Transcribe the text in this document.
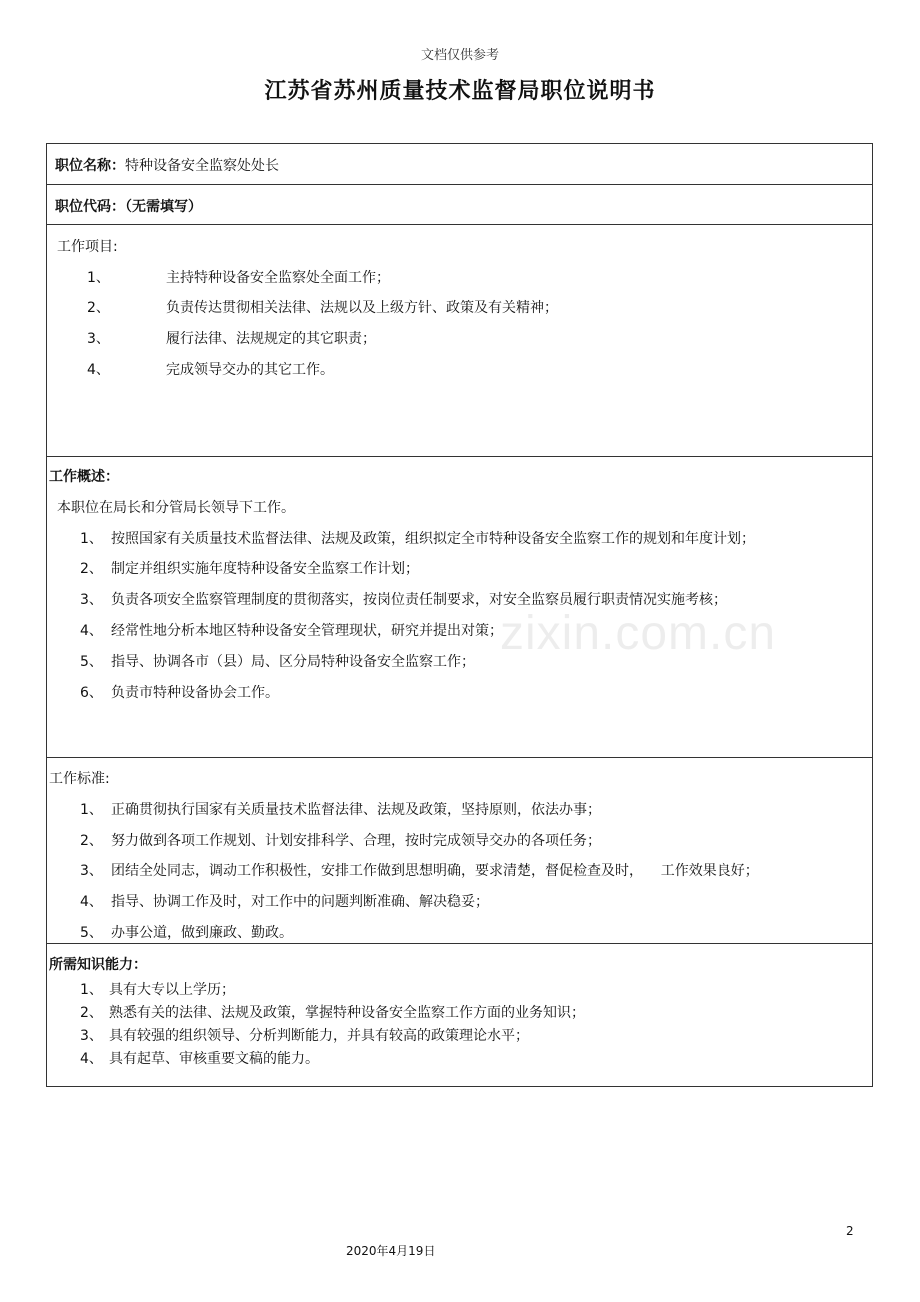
文档仅供参考
江苏省苏州质量技术监督局职位说明书
职位名称：特种设备安全监察处处长
职位代码：（无需填写）
工作项目:
1、	主持特种设备安全监察处全面工作；
2、	负责传达贯彻相关法律、法规以及上级方针、政策及有关精神；
3、	履行法律、法规规定的其它职责；
4、	完成领导交办的其它工作。
工作概述：
本职位在局长和分管局长领导下工作。
1、 按照国家有关质量技术监督法律、法规及政策，组织拟定全市特种设备安全监察工作的规划和年度计划；
2、 制定并组织实施年度特种设备安全监察工作计划；
3、 负责各项安全监察管理制度的贯彻落实，按岗位责任制要求，对安全监察员履行职责情况实施考核；
4、 经常性地分析本地区特种设备安全管理现状，研究并提出对策；
5、 指导、协调各市（县）局、区分局特种设备安全监察工作；
6、 负责市特种设备协会工作。
工作标准:
1、 正确贯彻执行国家有关质量技术监督法律、法规及政策，坚持原则，依法办事；
2、 努力做到各项工作规划、计划安排科学、合理，按时完成领导交办的各项任务；
3、 团结全处同志，调动工作积极性，安排工作做到思想明确，要求清楚，督促检查及时，    工作效果良好；
4、 指导、协调工作及时，对工作中的问题判断准确、解决稳妥；
5、 办事公道，做到廉政、勤政。
所需知识能力：
1、 具有大专以上学历；
2、 熟悉有关的法律、法规及政策，掌握特种设备安全监察工作方面的业务知识；
3、 具有较强的组织领导、分析判断能力，并具有较高的政策理论水平；
4、 具有起草、审核重要文稿的能力。
zixin.com.cn
2
2020年4月19日
